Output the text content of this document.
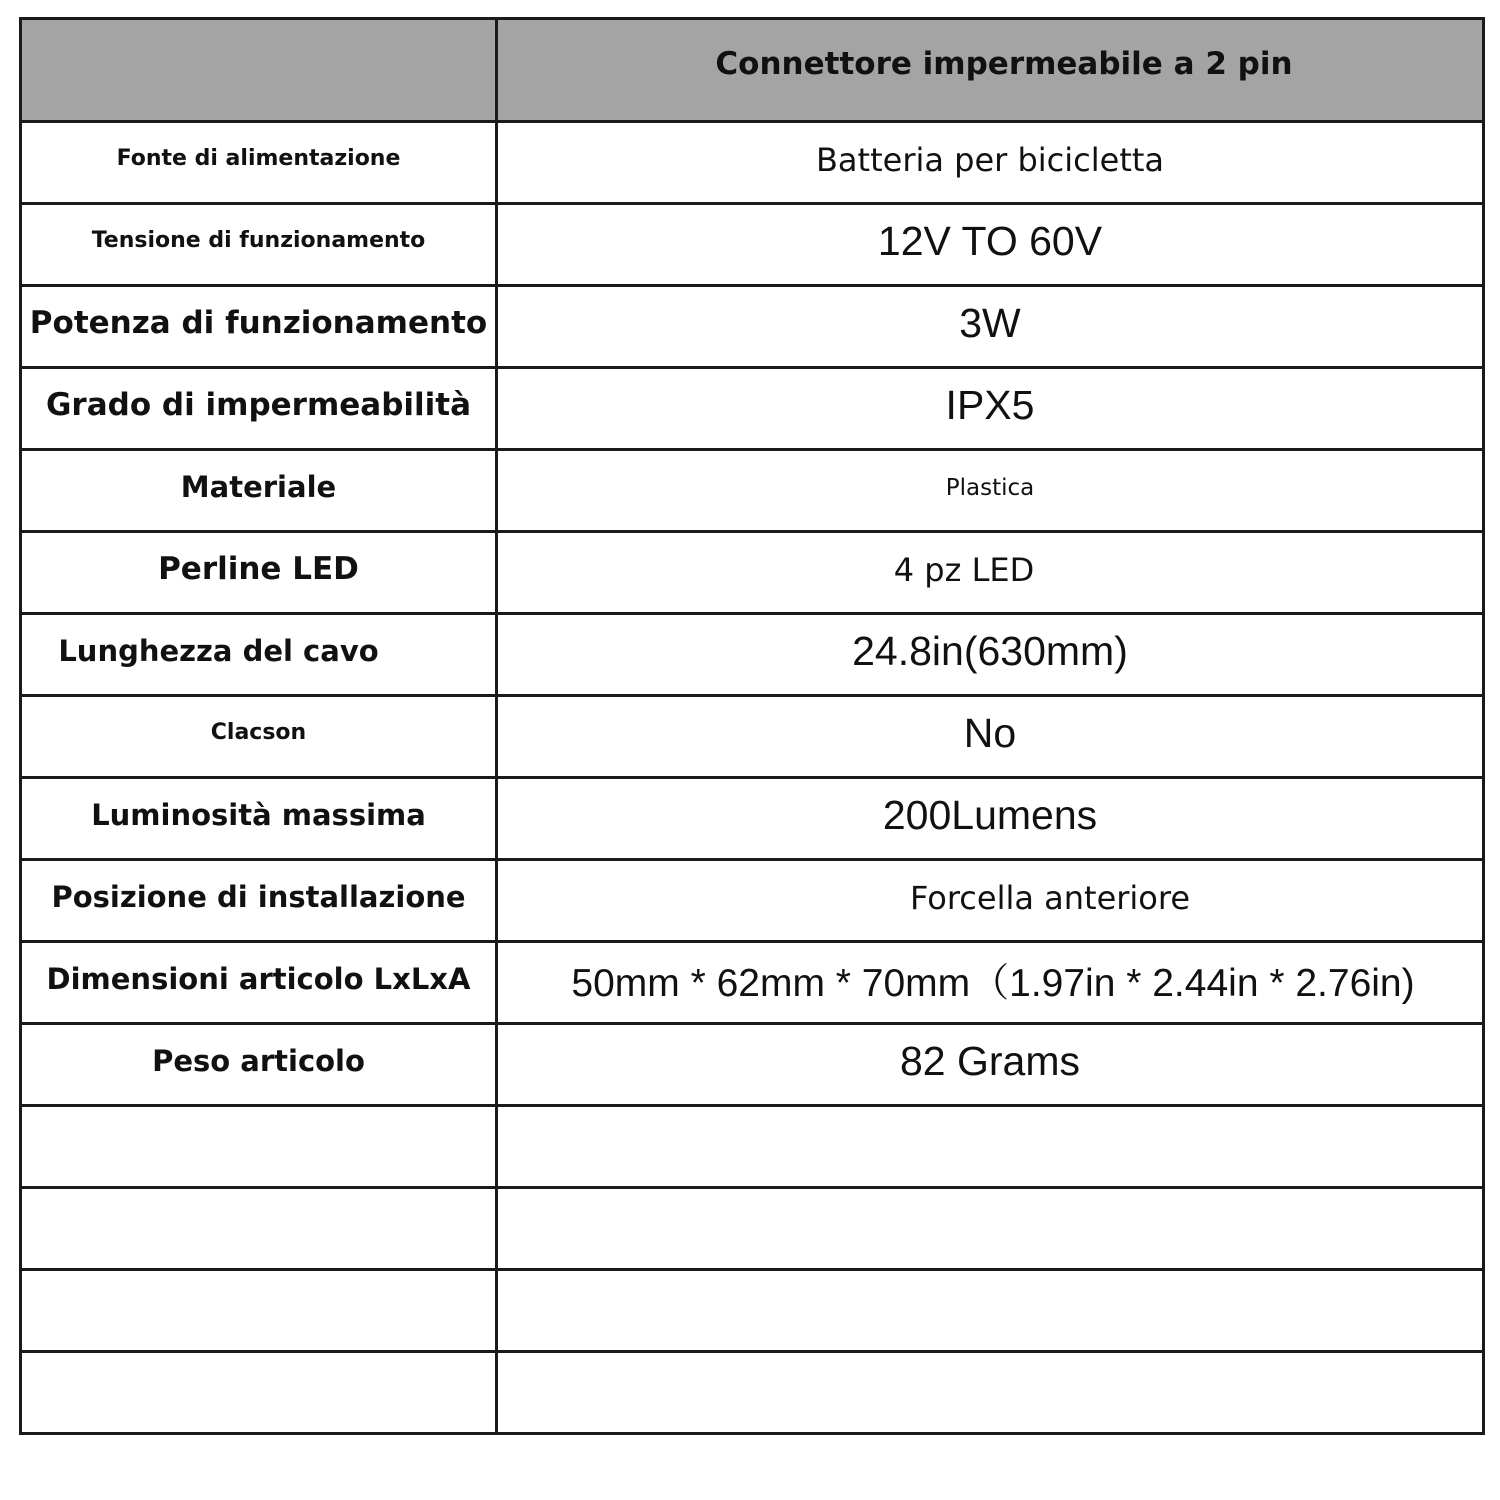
	Connettore impermeabile a 2 pin

Fonte di alimentazione	Batteria per bicicletta

Tensione di funzionamento	12V TO 60V

Potenza di funzionamento	3W

Grado di impermeabilità	IPX5

Materiale	Plastica

Perline LED	4 pz LED

Lunghezza del cavo	24.8in(630mm)

Clacson	No

Luminosità massima	200Lumens

Posizione di installazione	Forcella anteriore

Dimensioni articolo LxLxA	50mm * 62mm * 70mm（1.97in * 2.44in * 2.76in)

Peso articolo	82 Grams
